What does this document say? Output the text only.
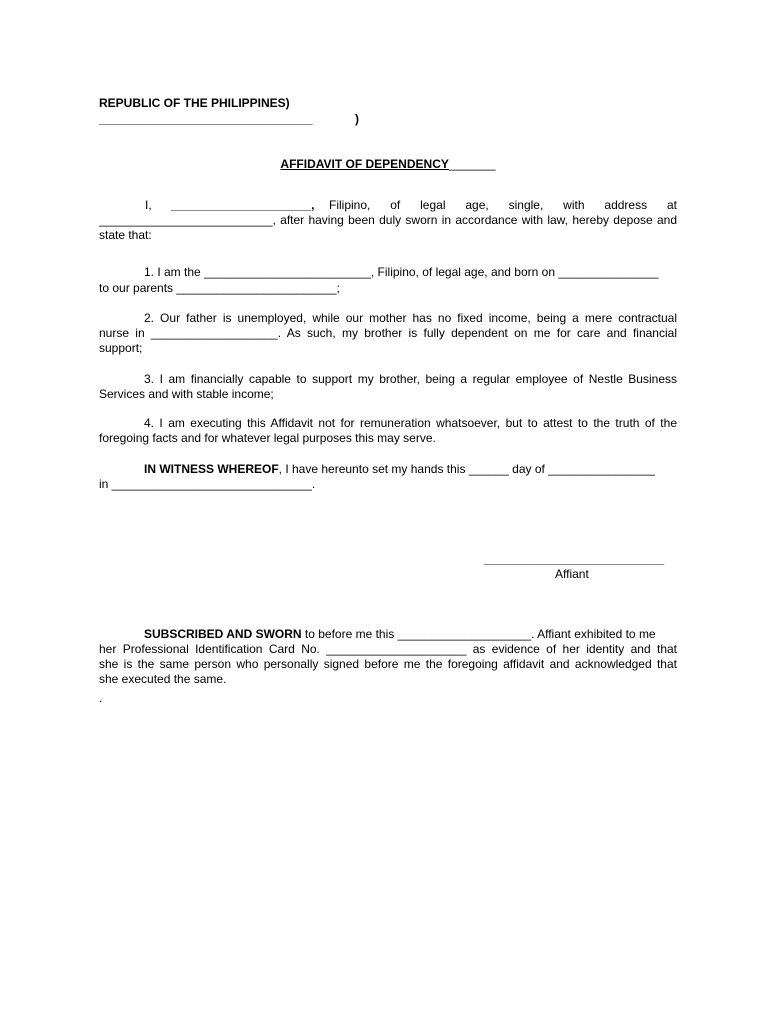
REPUBLIC OF THE PHILIPPINES)
________________________________	)
AFFIDAVIT OF DEPENDENCY_______
I, _____________________, Filipino, of legal age, single, with address at
__________________________, after having been duly sworn in accordance with law, hereby depose and
state that:
1. I am the _________________________, Filipino, of legal age, and born on _______________
to our parents ________________________;
2. Our father is unemployed, while our mother has no fixed income, being a mere contractual
nurse in ___________________. As such, my brother is fully dependent on me for care and financial
support;
3. I am financially capable to support my brother, being a regular employee of Nestle Business
Services and with stable income;
4. I am executing this Affidavit not for remuneration whatsoever, but to attest to the truth of the
foregoing facts and for whatever legal purposes this may serve.
IN WITNESS WHEREOF, I have hereunto set my hands this ______ day of ________________
in ______________________________.
___________________________
Affiant
SUBSCRIBED AND SWORN to before me this ____________________. Affiant exhibited to me
her Professional Identification Card No. _____________________ as evidence of her identity and that
she is the same person who personally signed before me the foregoing affidavit and acknowledged that
she executed the same.
.
